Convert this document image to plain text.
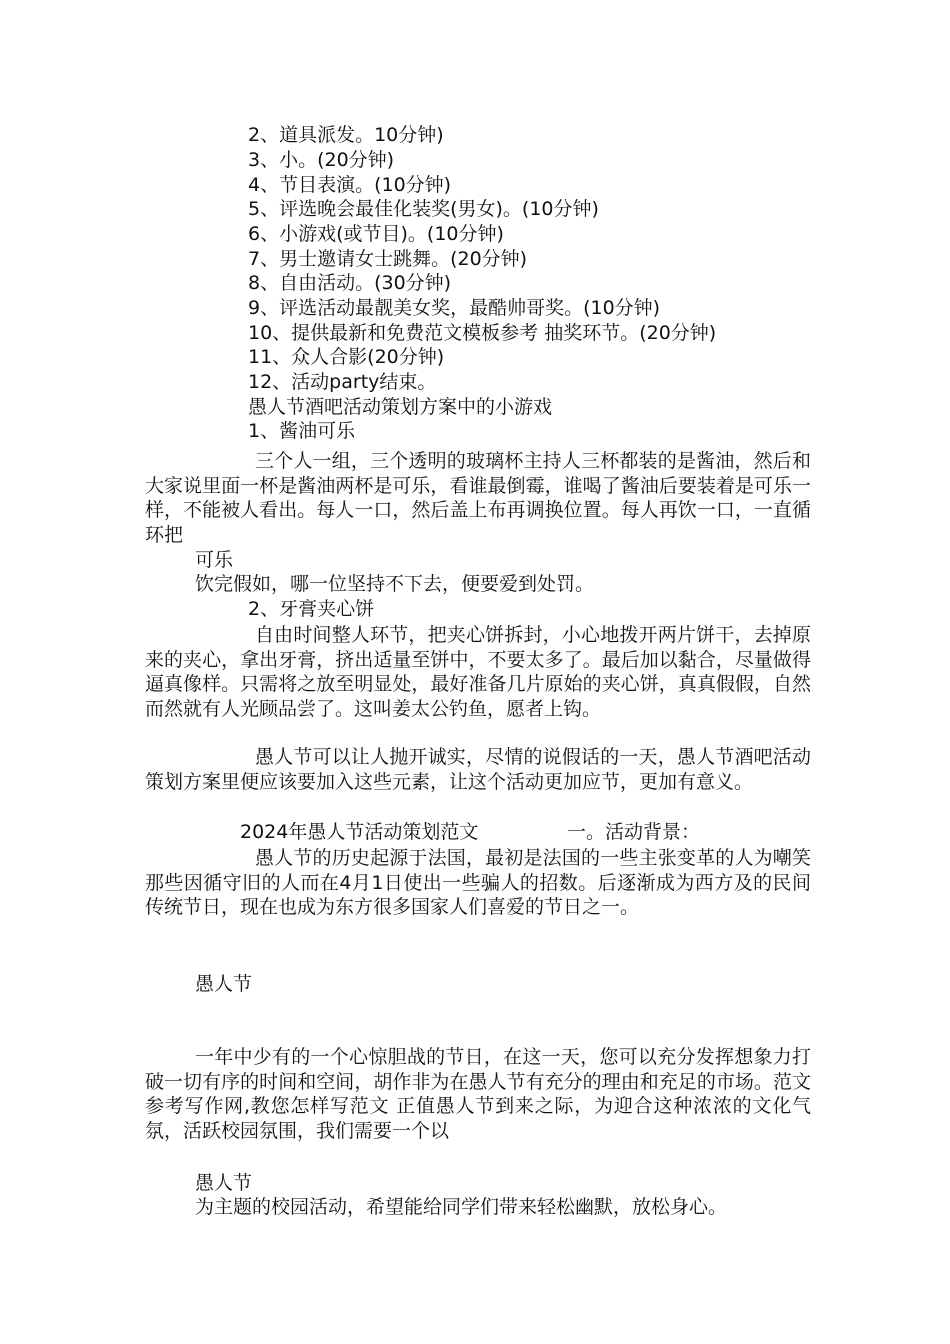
2、道具派发。10分钟)
3、小。(20分钟)
4、节目表演。(10分钟)
5、评选晚会最佳化装奖(男女)。(10分钟)
6、小游戏(或节目)。(10分钟)
7、男士邀请女士跳舞。(20分钟)
8、自由活动。(30分钟)
9、评选活动最靓美女奖，最酷帅哥奖。(10分钟)
10、提供最新和免费范文模板参考 抽奖环节。(20分钟)
11、众人合影(20分钟)
12、活动party结束。
愚人节酒吧活动策划方案中的小游戏
1、酱油可乐
三个人一组，三个透明的玻璃杯主持人三杯都装的是酱油，然后和大家说里面一杯是酱油两杯是可乐，看谁最倒霉，谁喝了酱油后要装着是可乐一样，不能被人看出。每人一口，然后盖上布再调换位置。每人再饮一口，一直循环把
可乐
饮完假如，哪一位坚持不下去，便要爱到处罚。
2、牙膏夹心饼
自由时间整人环节，把夹心饼拆封，小心地拨开两片饼干，去掉原来的夹心，拿出牙膏，挤出适量至饼中，不要太多了。最后加以黏合，尽量做得逼真像样。只需将之放至明显处，最好准备几片原始的夹心饼，真真假假，自然而然就有人光顾品尝了。这叫姜太公钓鱼，愿者上钩。
愚人节可以让人抛开诚实，尽情的说假话的一天，愚人节酒吧活动策划方案里便应该要加入这些元素，让这个活动更加应节，更加有意义。
2024年愚人节活动策划范文	一。活动背景：
愚人节的历史起源于法国，最初是法国的一些主张变革的人为嘲笑那些因循守旧的人而在4月1日使出一些骗人的招数。后逐渐成为西方及的民间传统节日，现在也成为东方很多国家人们喜爱的节日之一。
愚人节
一年中少有的一个心惊胆战的节日，在这一天，您可以充分发挥想象力打破一切有序的时间和空间，胡作非为在愚人节有充分的理由和充足的市场。范文参考写作网,教您怎样写范文 正值愚人节到来之际，为迎合这种浓浓的文化气氛，活跃校园氛围，我们需要一个以
愚人节
为主题的校园活动，希望能给同学们带来轻松幽默，放松身心。
